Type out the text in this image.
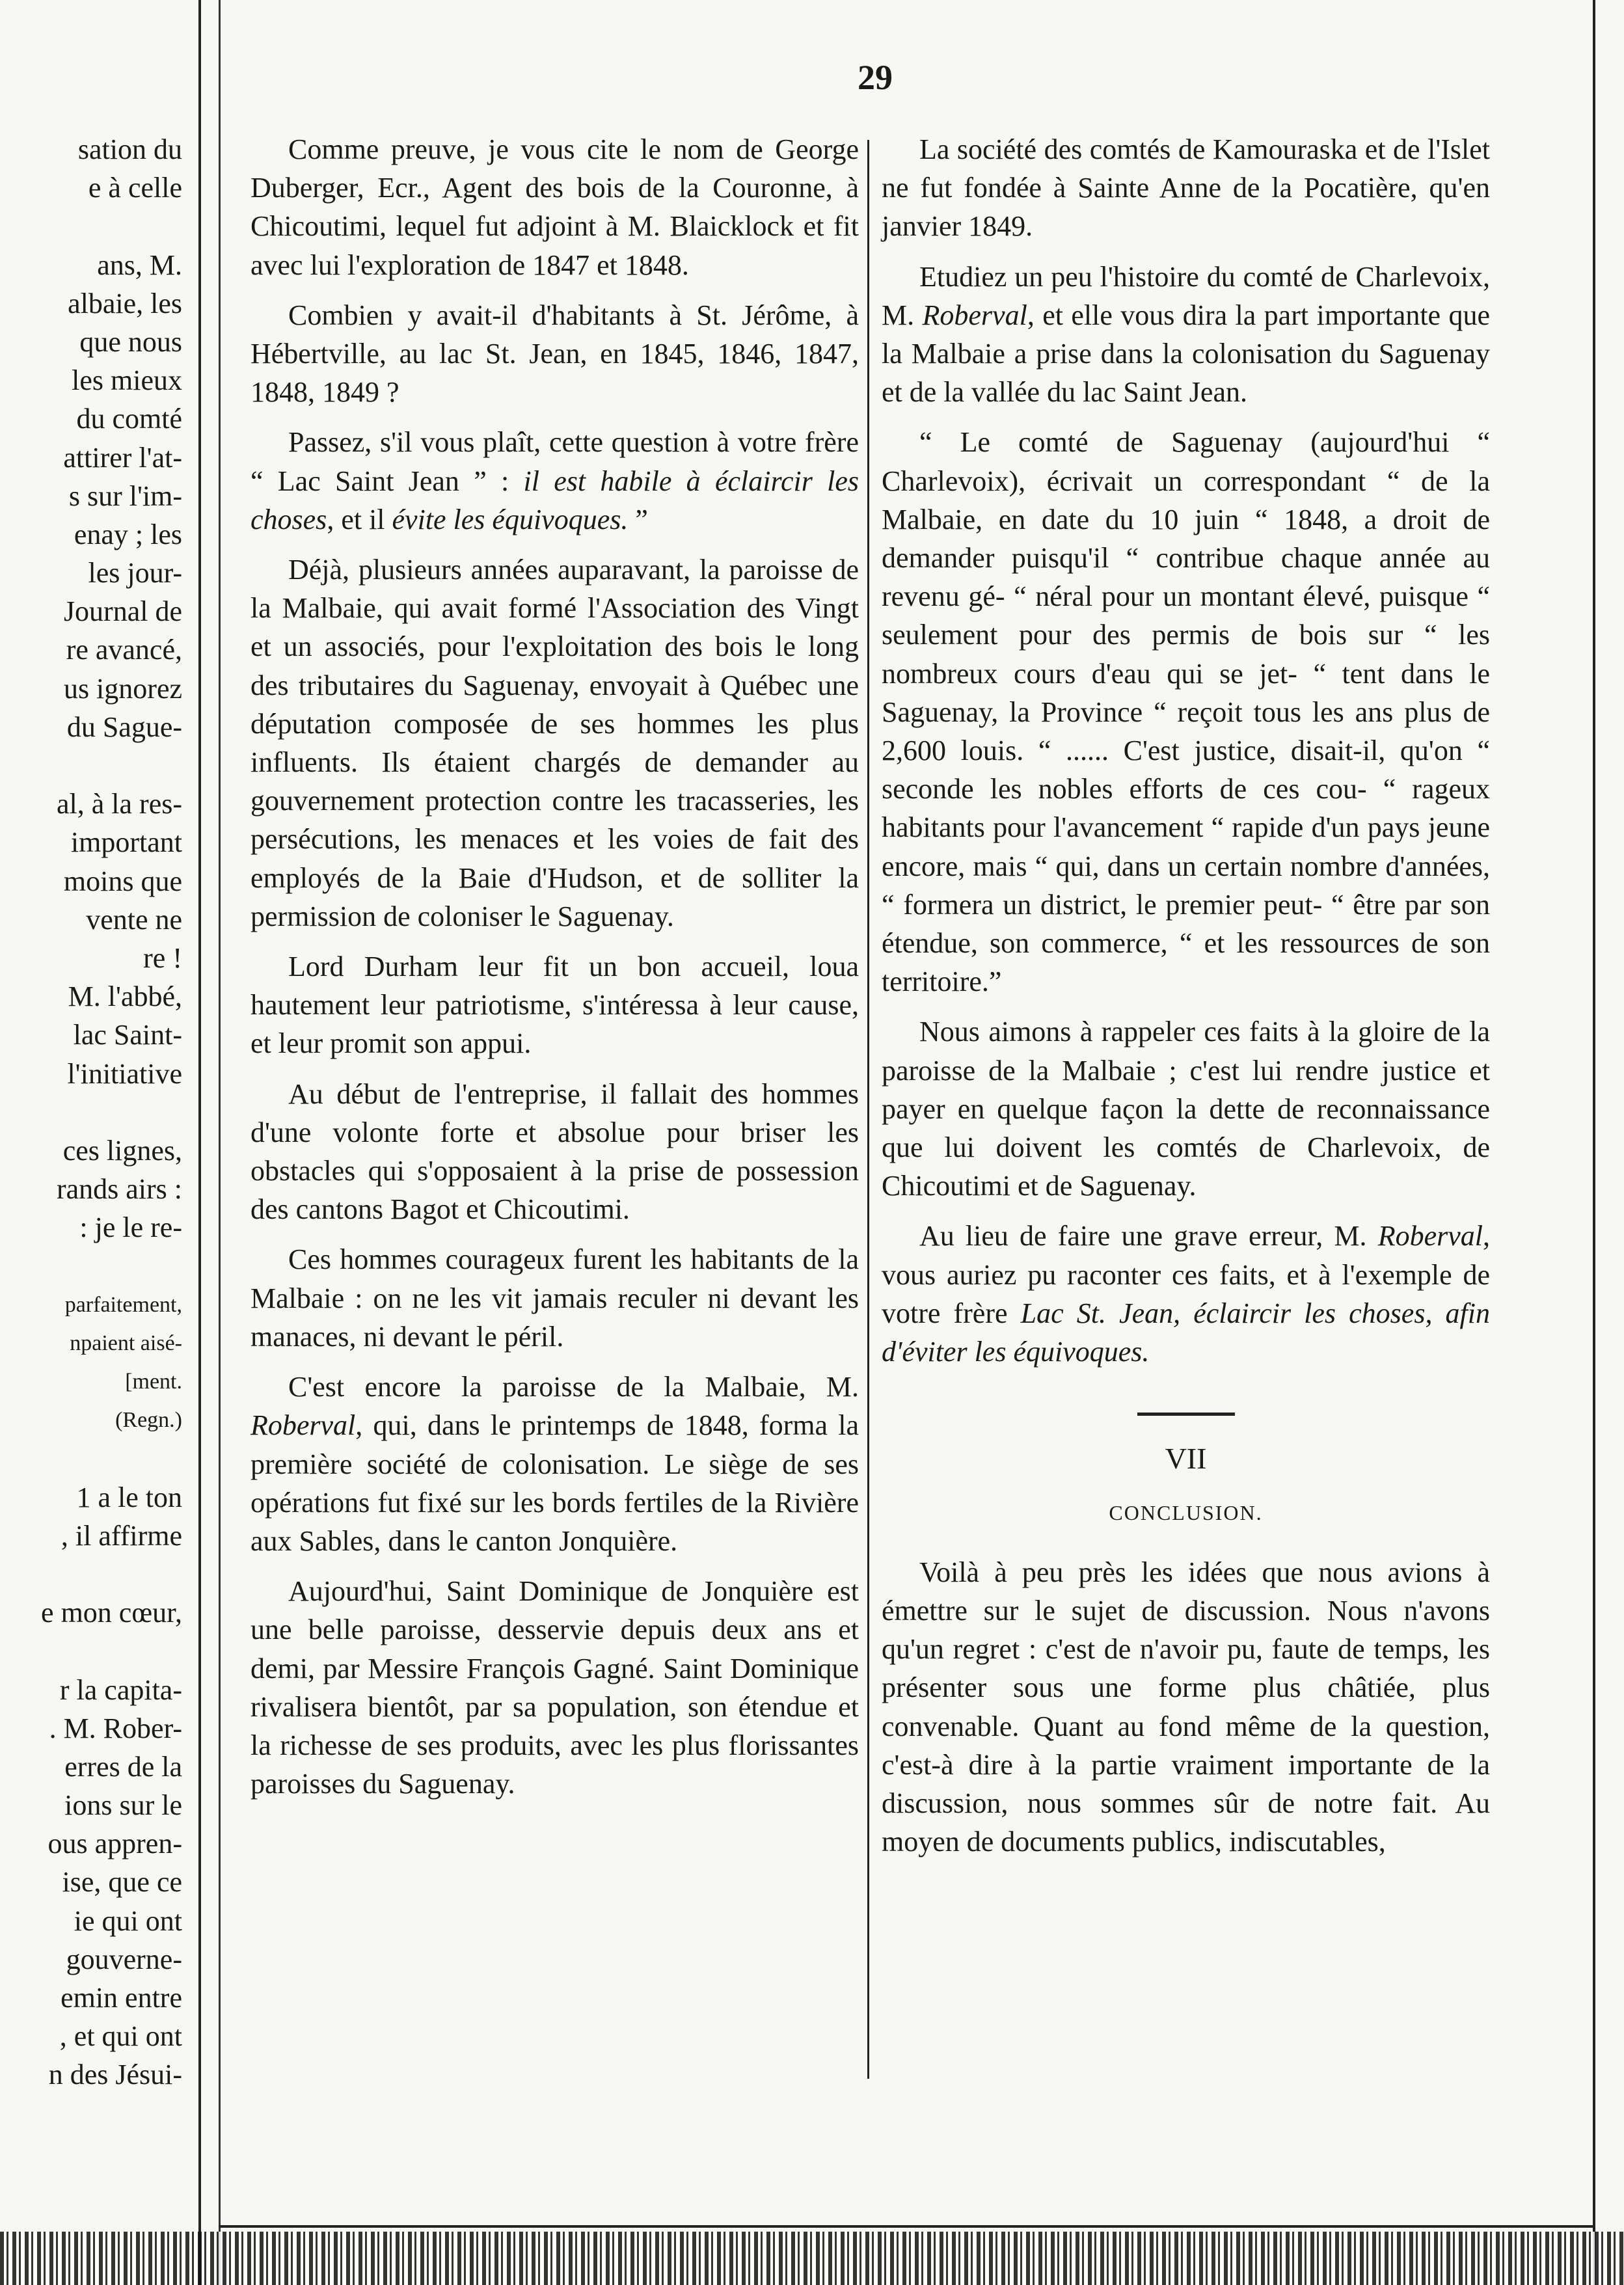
29
sation du
e à celle
ans, M.
albaie, les
que nous
les mieux
du comté
attirer l'at-
s sur l'im-
enay ; les
les jour-
Journal de
re avancé,
us ignorez
du Sague-
al, à la res-
important
moins que
vente ne
re !
M. l'abbé,
lac Saint-
l'initiative
ces lignes,
rands airs :
: je le re-
parfaitement,
npaient aisé-
[ment.
(Regn.)
1 a le ton
, il affirme
e mon cœur,
r la capita-
. M. Rober-
erres de la
ions sur le
ous appren-
ise, que ce
ie qui ont
gouverne-
emin entre
, et qui ont
n des Jésui-

Comme preuve, je vous cite le nom de George Duberger, Ecr., Agent des bois de la Couronne, à Chicoutimi, lequel fut adjoint à M. Blaicklock et fit avec lui l'exploration de 1847 et 1848.

Combien y avait-il d'habitants à St. Jérôme, à Hébertville, au lac St. Jean, en 1845, 1846, 1847, 1848, 1849 ?

Passez, s'il vous plaît, cette question à votre frère “ Lac Saint Jean ” : il est habile à éclaircir les choses, et il évite les équivoques. ”

Déjà, plusieurs années auparavant, la paroisse de la Malbaie, qui avait formé l'Association des Vingt et un associés, pour l'exploitation des bois le long des tributaires du Saguenay, envoyait à Québec une députation composée de ses hommes les plus influents. Ils étaient chargés de demander au gouvernement protection contre les tracasseries, les persécutions, les menaces et les voies de fait des employés de la Baie d'Hudson, et de solliter la permission de coloniser le Saguenay.

Lord Durham leur fit un bon accueil, loua hautement leur patriotisme, s'intéressa à leur cause, et leur promit son appui.

Au début de l'entreprise, il fallait des hommes d'une volonte forte et absolue pour briser les obstacles qui s'opposaient à la prise de possession des cantons Bagot et Chicoutimi.

Ces hommes courageux furent les habitants de la Malbaie : on ne les vit jamais reculer ni devant les manaces, ni devant le péril.

C'est encore la paroisse de la Malbaie, M. Roberval, qui, dans le printemps de 1848, forma la première société de colonisation. Le siège de ses opérations fut fixé sur les bords fertiles de la Rivière aux Sables, dans le canton Jonquière.

Aujourd'hui, Saint Dominique de Jonquière est une belle paroisse, desservie depuis deux ans et demi, par Messire François Gagné. Saint Dominique rivalisera bientôt, par sa population, son étendue et la richesse de ses produits, avec les plus florissantes paroisses du Saguenay.

La société des comtés de Kamouraska et de l'Islet ne fut fondée à Sainte Anne de la Pocatière, qu'en janvier 1849.

Etudiez un peu l'histoire du comté de Charlevoix, M. Roberval, et elle vous dira la part importante que la Malbaie a prise dans la colonisation du Saguenay et de la vallée du lac Saint Jean.

“ Le comté de Saguenay (aujourd'hui “ Charlevoix), écrivait un correspondant “ de la Malbaie, en date du 10 juin “ 1848, a droit de demander puisqu'il “ contribue chaque année au revenu gé- “ néral pour un montant élevé, puisque “ seulement pour des permis de bois sur “ les nombreux cours d'eau qui se jet- “ tent dans le Saguenay, la Province “ reçoit tous les ans plus de 2,600 louis. “ ...... C'est justice, disait-il, qu'on “ seconde les nobles efforts de ces cou- “ rageux habitants pour l'avancement “ rapide d'un pays jeune encore, mais “ qui, dans un certain nombre d'années, “ formera un district, le premier peut- “ être par son étendue, son commerce, “ et les ressources de son territoire.”

Nous aimons à rappeler ces faits à la gloire de la paroisse de la Malbaie ; c'est lui rendre justice et payer en quelque façon la dette de reconnaissance que lui doivent les comtés de Charlevoix, de Chicoutimi et de Saguenay.

Au lieu de faire une grave erreur, M. Roberval, vous auriez pu raconter ces faits, et à l'exemple de votre frère Lac St. Jean, éclaircir les choses, afin d'éviter les équivoques.

VII
CONCLUSION.

Voilà à peu près les idées que nous avions à émettre sur le sujet de discussion. Nous n'avons qu'un regret : c'est de n'avoir pu, faute de temps, les présenter sous une forme plus châtiée, plus convenable. Quant au fond même de la question, c'est-à dire à la partie vraiment importante de la discussion, nous sommes sûr de notre fait. Au moyen de documents publics, indiscutables,
